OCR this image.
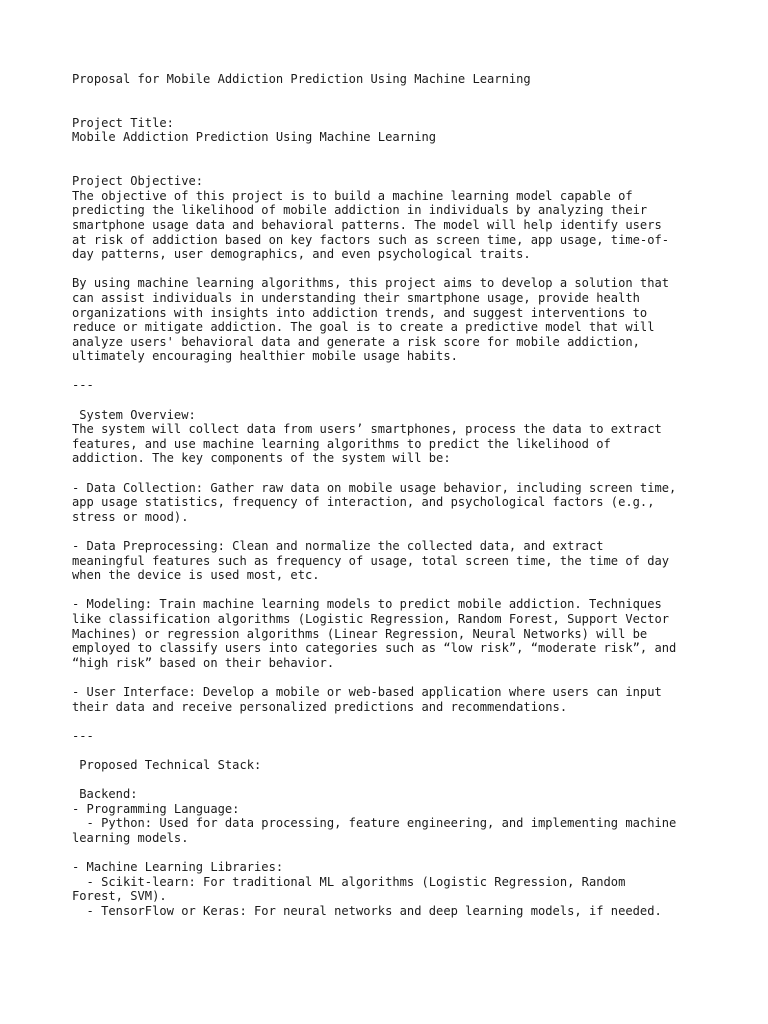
Proposal for Mobile Addiction Prediction Using Machine Learning
Project Title:
Mobile Addiction Prediction Using Machine Learning
Project Objective:
The objective of this project is to build a machine learning model capable of
predicting the likelihood of mobile addiction in individuals by analyzing their
smartphone usage data and behavioral patterns. The model will help identify users
at risk of addiction based on key factors such as screen time, app usage, time-of-
day patterns, user demographics, and even psychological traits.
By using machine learning algorithms, this project aims to develop a solution that
can assist individuals in understanding their smartphone usage, provide health
organizations with insights into addiction trends, and suggest interventions to
reduce or mitigate addiction. The goal is to create a predictive model that will
analyze users' behavioral data and generate a risk score for mobile addiction,
ultimately encouraging healthier mobile usage habits.
---
System Overview:
The system will collect data from users’ smartphones, process the data to extract
features, and use machine learning algorithms to predict the likelihood of
addiction. The key components of the system will be:
- Data Collection: Gather raw data on mobile usage behavior, including screen time,
app usage statistics, frequency of interaction, and psychological factors (e.g.,
stress or mood).
- Data Preprocessing: Clean and normalize the collected data, and extract
meaningful features such as frequency of usage, total screen time, the time of day
when the device is used most, etc.
- Modeling: Train machine learning models to predict mobile addiction. Techniques
like classification algorithms (Logistic Regression, Random Forest, Support Vector
Machines) or regression algorithms (Linear Regression, Neural Networks) will be
employed to classify users into categories such as “low risk”, “moderate risk”, and
“high risk” based on their behavior.
- User Interface: Develop a mobile or web-based application where users can input
their data and receive personalized predictions and recommendations.
---
Proposed Technical Stack:
Backend:
- Programming Language:
- Python: Used for data processing, feature engineering, and implementing machine
learning models.
- Machine Learning Libraries:
- Scikit-learn: For traditional ML algorithms (Logistic Regression, Random
Forest, SVM).
- TensorFlow or Keras: For neural networks and deep learning models, if needed.
